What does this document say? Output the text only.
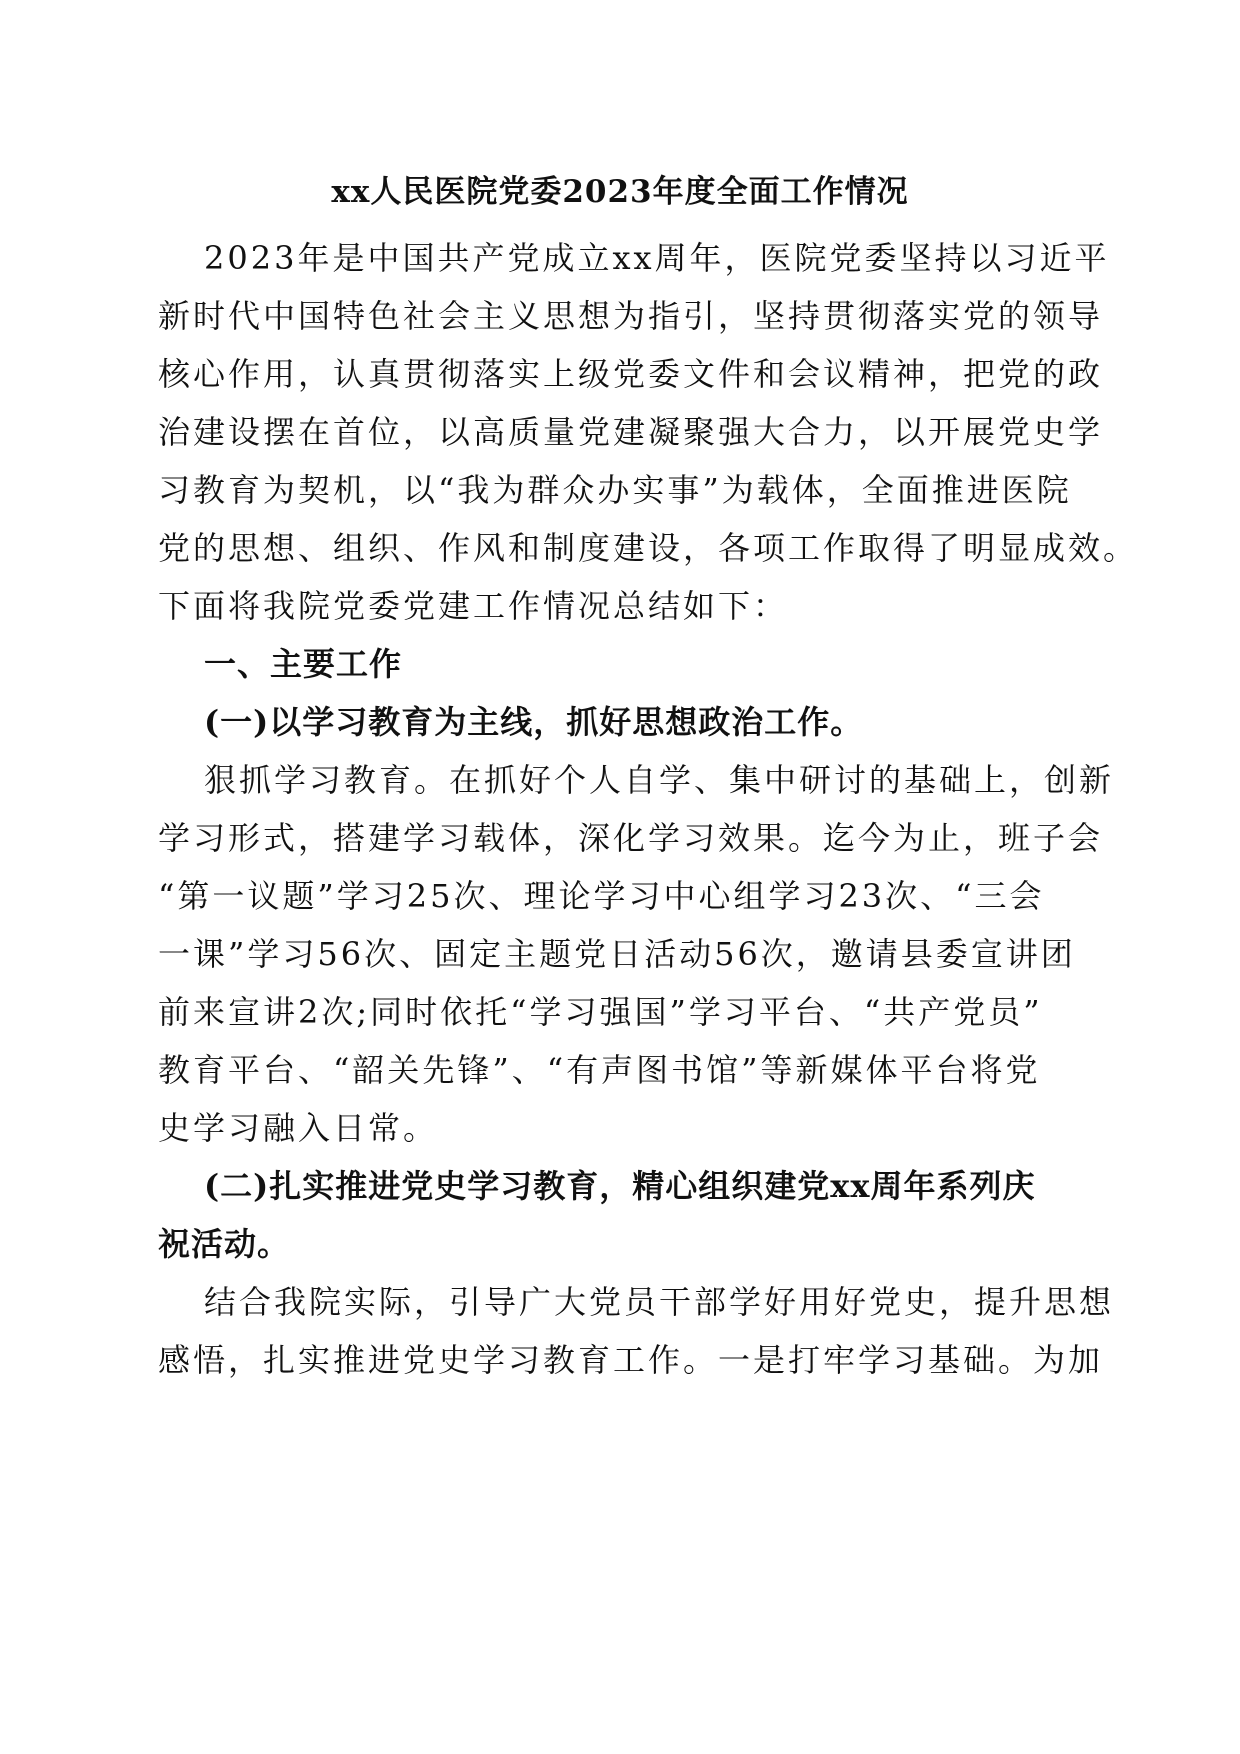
xx人民医院党委2023年度全面工作情况
2023年是中国共产党成立xx周年，医院党委坚持以习近平
新时代中国特色社会主义思想为指引，坚持贯彻落实党的领导
核心作用，认真贯彻落实上级党委文件和会议精神，把党的政
治建设摆在首位，以高质量党建凝聚强大合力，以开展党史学
习教育为契机，以“我为群众办实事”为载体，全面推进医院
党的思想、组织、作风和制度建设，各项工作取得了明显成效。
下面将我院党委党建工作情况总结如下：
一、主要工作
(一)以学习教育为主线，抓好思想政治工作。
狠抓学习教育。在抓好个人自学、集中研讨的基础上，创新
学习形式，搭建学习载体，深化学习效果。迄今为止，班子会
“第一议题”学习25次、理论学习中心组学习23次、“三会
一课”学习56次、固定主题党日活动56次，邀请县委宣讲团
前来宣讲2次;同时依托“学习强国”学习平台、“共产党员”
教育平台、“韶关先锋”、“有声图书馆”等新媒体平台将党
史学习融入日常。
(二)扎实推进党史学习教育，精心组织建党xx周年系列庆
祝活动。
结合我院实际，引导广大党员干部学好用好党史，提升思想
感悟，扎实推进党史学习教育工作。一是打牢学习基础。为加
